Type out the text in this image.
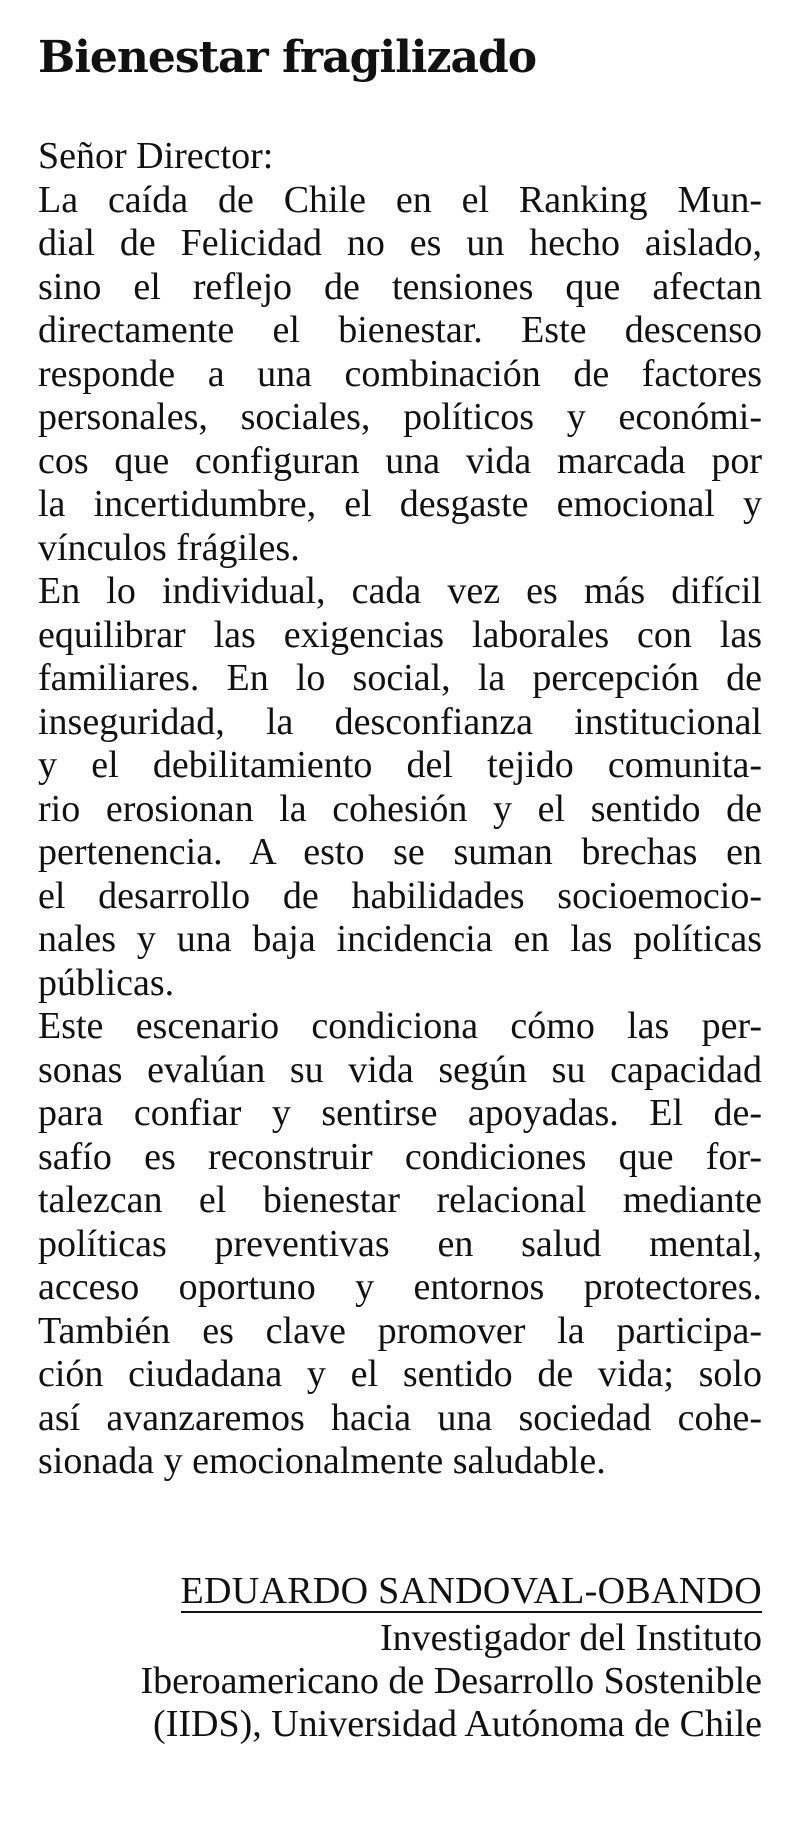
Bienestar fragilizado
Señor Director:
La caída de Chile en el Ranking Mun-
dial de Felicidad no es un hecho aislado,
sino el reflejo de tensiones que afectan
directamente el bienestar. Este descenso
responde a una combinación de factores
personales, sociales, políticos y económi-
cos que configuran una vida marcada por
la incertidumbre, el desgaste emocional y
vínculos frágiles.
En lo individual, cada vez es más difícil
equilibrar las exigencias laborales con las
familiares. En lo social, la percepción de
inseguridad, la desconfianza institucional
y el debilitamiento del tejido comunita-
rio erosionan la cohesión y el sentido de
pertenencia. A esto se suman brechas en
el desarrollo de habilidades socioemocio-
nales y una baja incidencia en las políticas
públicas.
Este escenario condiciona cómo las per-
sonas evalúan su vida según su capacidad
para confiar y sentirse apoyadas. El de-
safío es reconstruir condiciones que for-
talezcan el bienestar relacional mediante
políticas preventivas en salud mental,
acceso oportuno y entornos protectores.
También es clave promover la participa-
ción ciudadana y el sentido de vida; solo
así avanzaremos hacia una sociedad cohe-
sionada y emocionalmente saludable.
EDUARDO SANDOVAL-OBANDO
Investigador del Instituto
Iberoamericano de Desarrollo Sostenible
(IIDS), Universidad Autónoma de Chile
